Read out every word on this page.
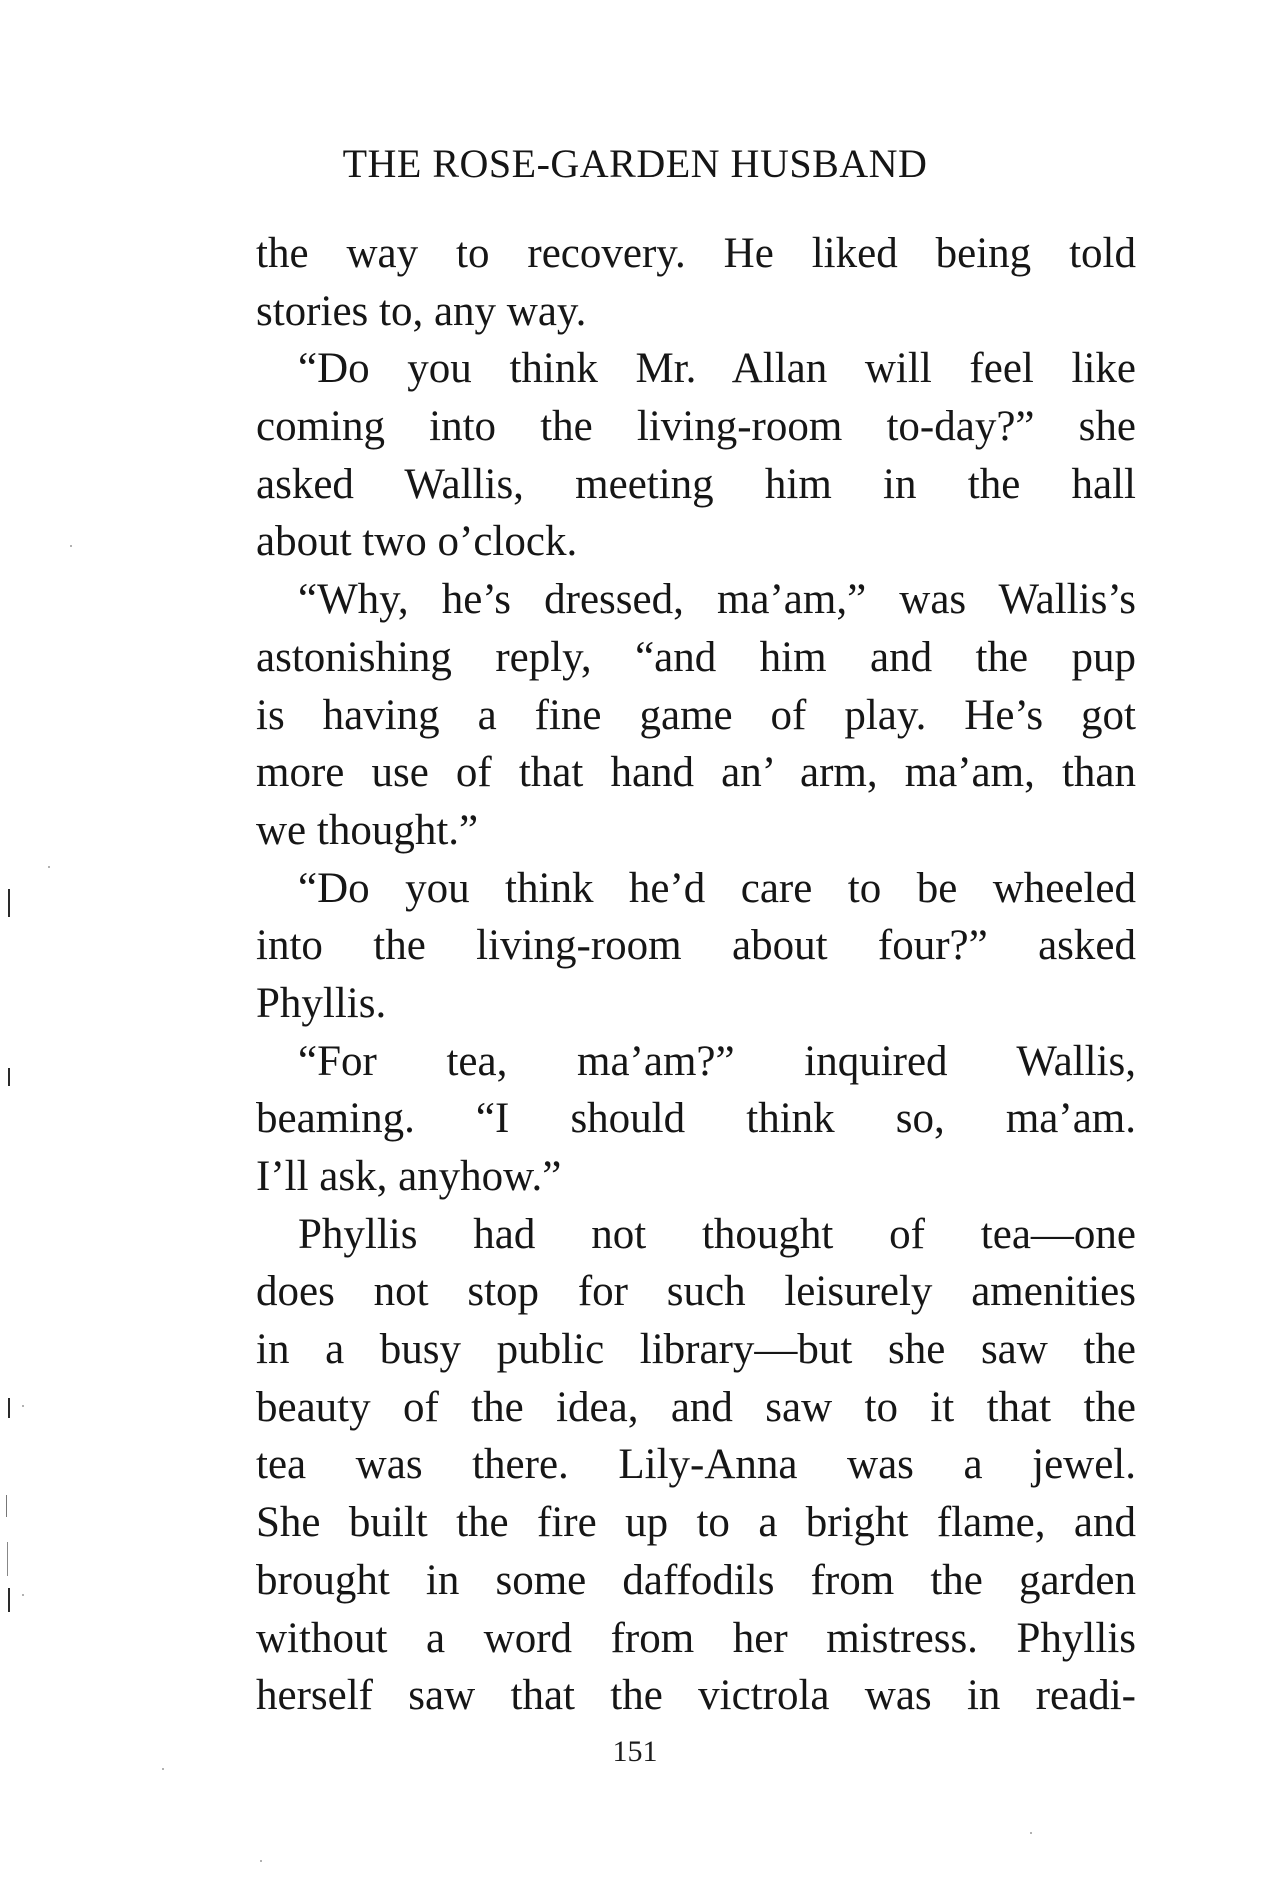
THE ROSE-GARDEN HUSBAND
the way to recovery. He liked being told
stories to, any way.
“Do you think Mr. Allan will feel like
coming into the living-room to-day?” she
asked Wallis, meeting him in the hall
about two o’clock.
“Why, he’s dressed, ma’am,” was Wallis’s
astonishing reply, “and him and the pup
is having a fine game of play. He’s got
more use of that hand an’ arm, ma’am, than
we thought.”
“Do you think he’d care to be wheeled
into the living-room about four?” asked
Phyllis.
“For tea, ma’am?” inquired Wallis,
beaming. “I should think so, ma’am.
I’ll ask, anyhow.”
Phyllis had not thought of tea—one
does not stop for such leisurely amenities
in a busy public library—but she saw the
beauty of the idea, and saw to it that the
tea was there. Lily-Anna was a jewel.
She built the fire up to a bright flame, and
brought in some daffodils from the garden
without a word from her mistress. Phyllis
herself saw that the victrola was in readi-
151
